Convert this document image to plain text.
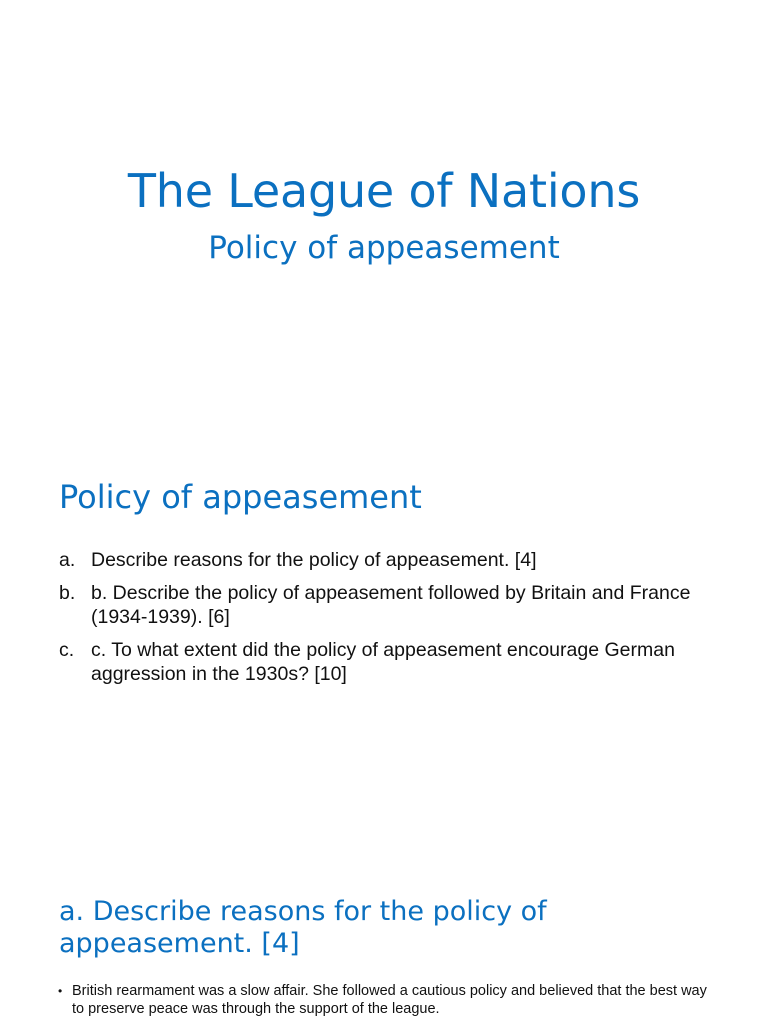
The League of Nations
Policy of appeasement
Policy of appeasement
a. Describe reasons for the policy of appeasement. [4]
b. b. Describe the policy of appeasement followed by Britain and France (1934-1939). [6]
c. c. To what extent did the policy of appeasement encourage German aggression in the 1930s? [10]
a. Describe reasons for the policy of appeasement. [4]
• British rearmament was a slow affair. She followed a cautious policy and believed that the best way to preserve peace was through the support of the league.
